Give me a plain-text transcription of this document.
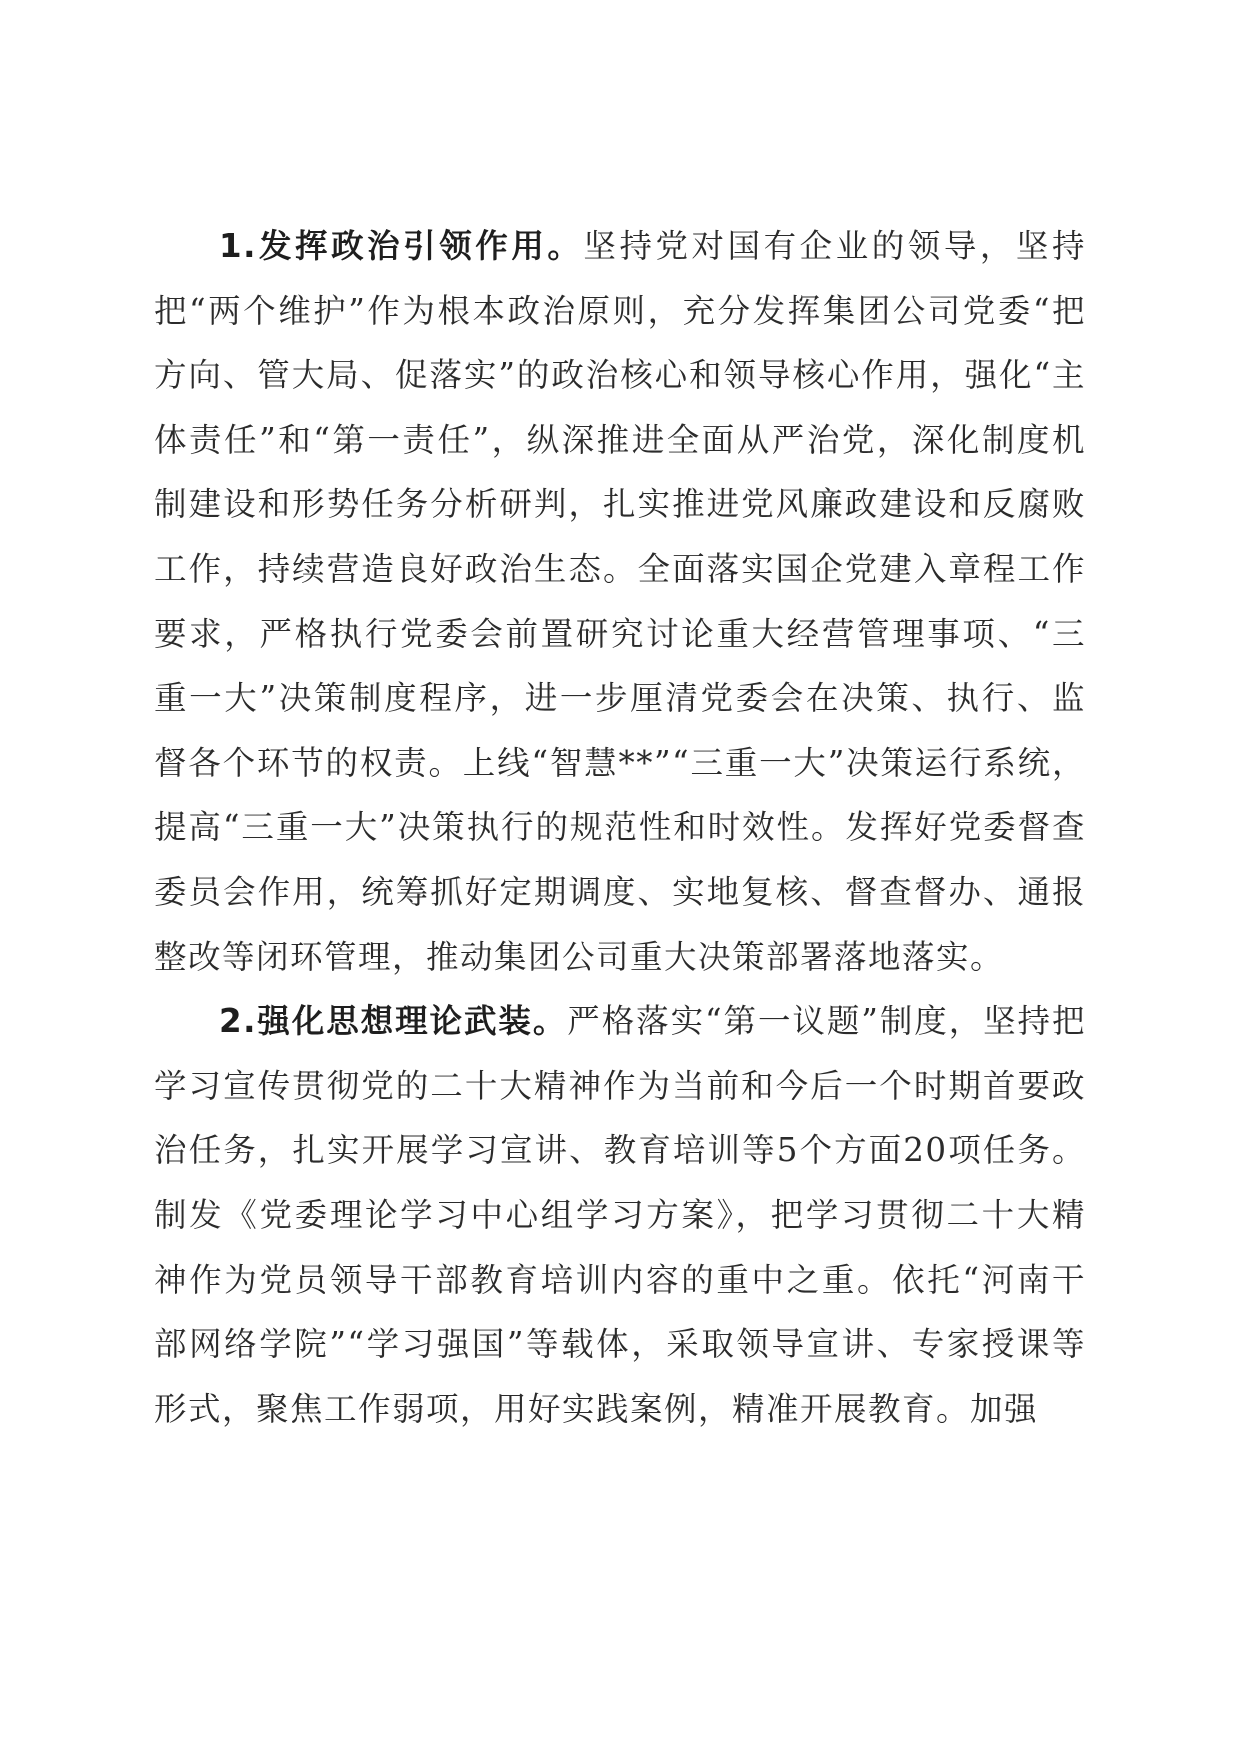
1.发挥政治引领作用。坚持党对国有企业的领导，坚持把“两个维护”作为根本政治原则，充分发挥集团公司党委“把方向、管大局、促落实”的政治核心和领导核心作用，强化“主体责任”和“第一责任”，纵深推进全面从严治党，深化制度机制建设和形势任务分析研判，扎实推进党风廉政建设和反腐败工作，持续营造良好政治生态。全面落实国企党建入章程工作要求，严格执行党委会前置研究讨论重大经营管理事项、“三重一大”决策制度程序，进一步厘清党委会在决策、执行、监督各个环节的权责。上线“智慧**”“三重一大”决策运行系统，提高“三重一大”决策执行的规范性和时效性。发挥好党委督查委员会作用，统筹抓好定期调度、实地复核、督查督办、通报整改等闭环管理，推动集团公司重大决策部署落地落实。

2.强化思想理论武装。严格落实“第一议题”制度，坚持把学习宣传贯彻党的二十大精神作为当前和今后一个时期首要政治任务，扎实开展学习宣讲、教育培训等5个方面20项任务。制发《党委理论学习中心组学习方案》，把学习贯彻二十大精神作为党员领导干部教育培训内容的重中之重。依托“河南干部网络学院”“学习强国”等载体，采取领导宣讲、专家授课等形式，聚焦工作弱项，用好实践案例，精准开展教育。加强
